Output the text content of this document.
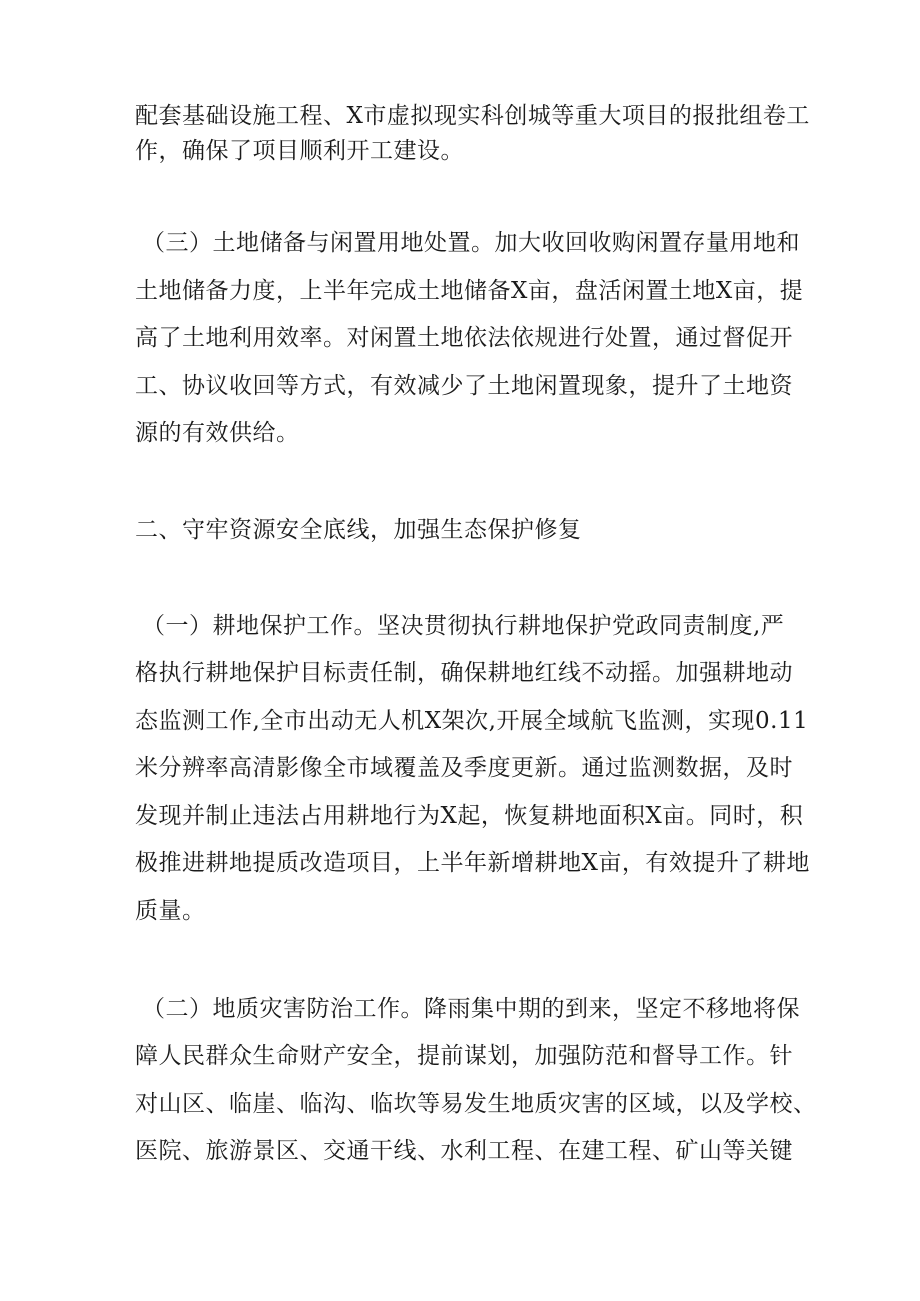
配套基础设施工程、X市虚拟现实科创城等重大项目的报批组卷工
作，确保了项目顺利开工建设。
（三）土地储备与闲置用地处置。加大收回收购闲置存量用地和
土地储备力度，上半年完成土地储备X亩，盘活闲置土地X亩，提
高了土地利用效率。对闲置土地依法依规进行处置，通过督促开
工、协议收回等方式，有效减少了土地闲置现象，提升了土地资
源的有效供给。
二、守牢资源安全底线，加强生态保护修复
（一）耕地保护工作。坚决贯彻执行耕地保护党政同责制度,严
格执行耕地保护目标责任制，确保耕地红线不动摇。加强耕地动
态监测工作,全市出动无人机X架次,开展全域航飞监测，实现0.11
米分辨率高清影像全市域覆盖及季度更新。通过监测数据，及时
发现并制止违法占用耕地行为X起，恢复耕地面积X亩。同时，积
极推进耕地提质改造项目，上半年新增耕地X亩，有效提升了耕地
质量。
（二）地质灾害防治工作。降雨集中期的到来，坚定不移地将保
障人民群众生命财产安全，提前谋划，加强防范和督导工作。针
对山区、临崖、临沟、临坎等易发生地质灾害的区域，以及学校、
医院、旅游景区、交通干线、水利工程、在建工程、矿山等关键
